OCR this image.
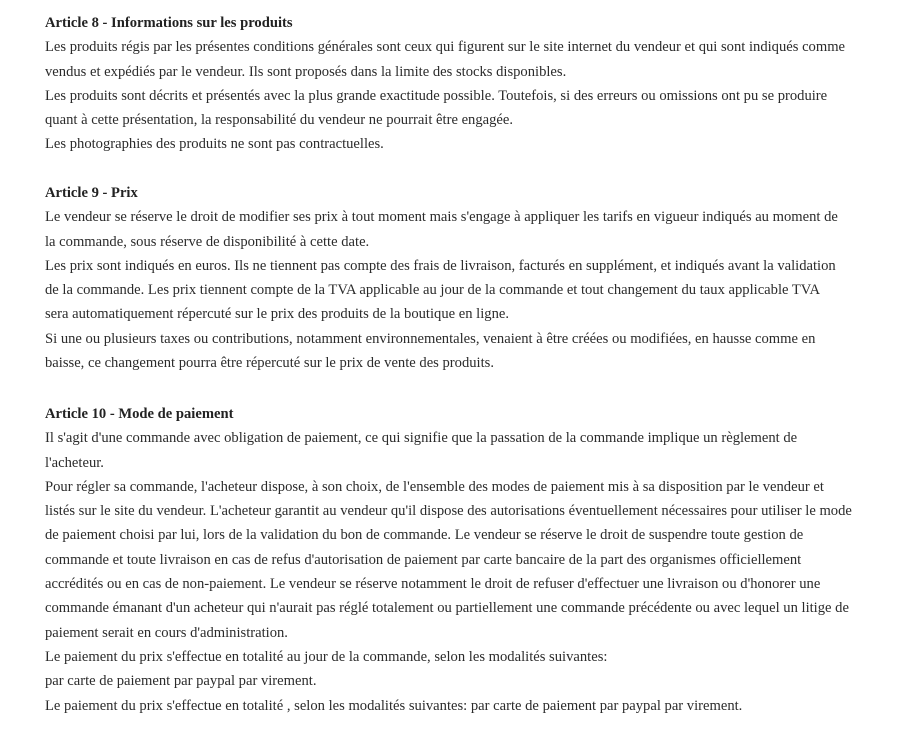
Article 8 - Informations sur les produits

Les produits régis par les présentes conditions générales sont ceux qui figurent sur le site internet du vendeur et qui sont indiqués comme

vendus et expédiés par le vendeur. Ils sont proposés dans la limite des stocks disponibles.

Les produits sont décrits et présentés avec la plus grande exactitude possible. Toutefois, si des erreurs ou omissions ont pu se produire

quant à cette présentation, la responsabilité du vendeur ne pourrait être engagée.

Les photographies des produits ne sont pas contractuelles.

Article 9 - Prix

Le vendeur se réserve le droit de modifier ses prix à tout moment mais s'engage à appliquer les tarifs en vigueur indiqués au moment de

la commande, sous réserve de disponibilité à cette date.

Les prix sont indiqués en euros. Ils ne tiennent pas compte des frais de livraison, facturés en supplément, et indiqués avant la validation

de la commande. Les prix tiennent compte de la TVA applicable au jour de la commande et tout changement du taux applicable TVA

sera automatiquement répercuté sur le prix des produits de la boutique en ligne.

Si une ou plusieurs taxes ou contributions, notamment environnementales, venaient à être créées ou modifiées, en hausse comme en

baisse, ce changement pourra être répercuté sur le prix de vente des produits.

Article 10 - Mode de paiement

Il s'agit d'une commande avec obligation de paiement, ce qui signifie que la passation de la commande implique un règlement de

l'acheteur.

Pour régler sa commande, l'acheteur dispose, à son choix, de l'ensemble des modes de paiement mis à sa disposition par le vendeur et

listés sur le site du vendeur. L'acheteur garantit au vendeur qu'il dispose des autorisations éventuellement nécessaires pour utiliser le mode

de paiement choisi par lui, lors de la validation du bon de commande. Le vendeur se réserve le droit de suspendre toute gestion de

commande et toute livraison en cas de refus d'autorisation de paiement par carte bancaire de la part des organismes officiellement

accrédités ou en cas de non-paiement. Le vendeur se réserve notamment le droit de refuser d'effectuer une livraison ou d'honorer une

commande émanant d'un acheteur qui n'aurait pas réglé totalement ou partiellement une commande précédente ou avec lequel un litige de

paiement serait en cours d'administration.

Le paiement du prix s'effectue en totalité au jour de la commande, selon les modalités suivantes:

par carte de paiement par paypal par virement.

Le paiement du prix s'effectue en totalité , selon les modalités suivantes: par carte de paiement par paypal par virement.
